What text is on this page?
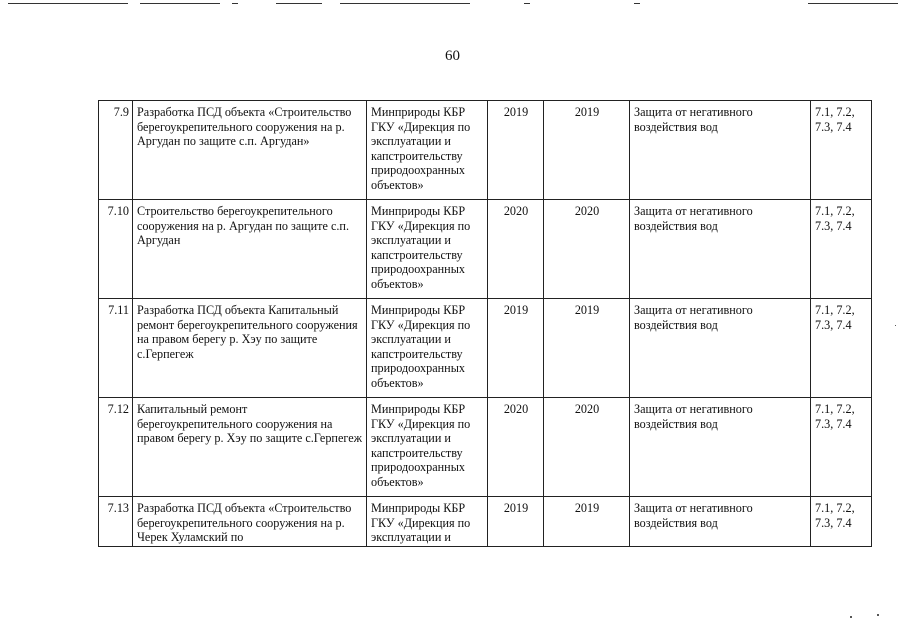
60
7.9	Разработка ПСД объекта «Строительство берегоукрепительного сооружения на р. Аргудан по защите с.п. Аргудан»	Минприроды КБР ГКУ «Дирекция по эксплуатации и капстроительству природоохранных объектов»	2019	2019	Защита от негативного воздействия вод	7.1, 7.2, 7.3, 7.4
7.10	Строительство берегоукрепительного сооружения на р. Аргудан по защите с.п. Аргудан	Минприроды КБР ГКУ «Дирекция по эксплуатации и капстроительству природоохранных объектов»	2020	2020	Защита от негативного воздействия вод	7.1, 7.2, 7.3, 7.4
7.11	Разработка ПСД объекта Капитальный ремонт берегоукрепительного сооружения на правом берегу р. Хэу по защите с.Герпегеж	Минприроды КБР ГКУ «Дирекция по эксплуатации и капстроительству природоохранных объектов»	2019	2019	Защита от негативного воздействия вод	7.1, 7.2, 7.3, 7.4
7.12	Капитальный ремонт берегоукрепительного сооружения на правом берегу р. Хэу по защите с.Герпегеж	Минприроды КБР ГКУ «Дирекция по эксплуатации и капстроительству природоохранных объектов»	2020	2020	Защита от негативного воздействия вод	7.1, 7.2, 7.3, 7.4
7.13	Разработка ПСД объекта «Строительство берегоукрепительного сооружения на р. Черек Хуламский по	Минприроды КБР ГКУ «Дирекция по эксплуатации и	2019	2019	Защита от негативного воздействия вод	7.1, 7.2, 7.3, 7.4
